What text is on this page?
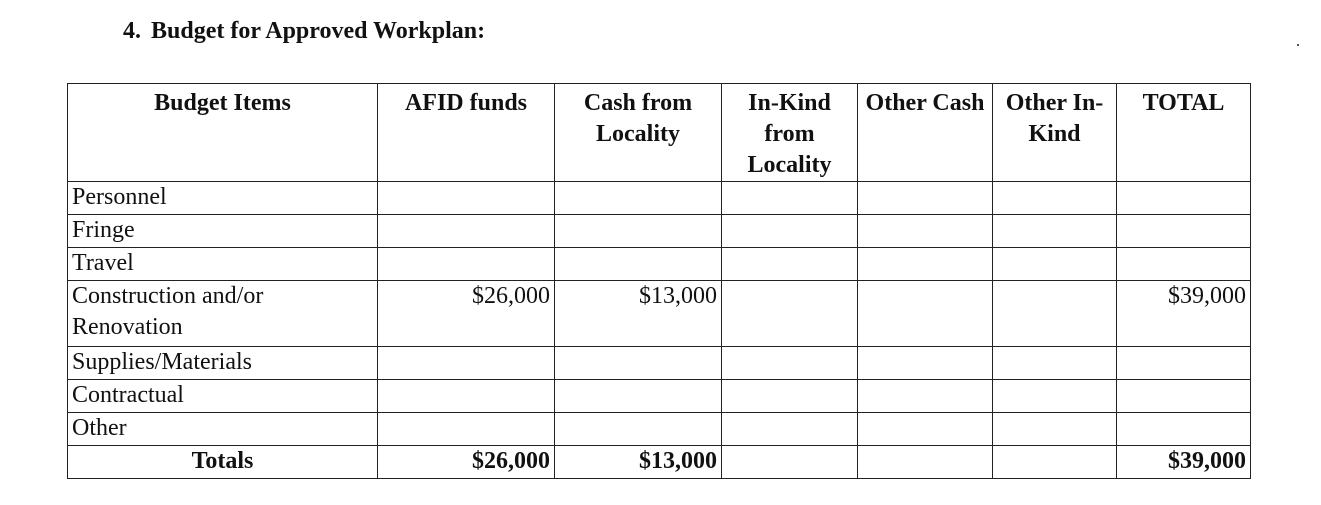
4. Budget for Approved Workplan:
Budget Items	AFID funds	Cash from Locality	In-Kind from Locality	Other Cash	Other In-Kind	TOTAL
Personnel						
Fringe						
Travel						
Construction and/or Renovation	$26,000	$13,000				$39,000
Supplies/Materials						
Contractual						
Other						
Totals	$26,000	$13,000				$39,000
